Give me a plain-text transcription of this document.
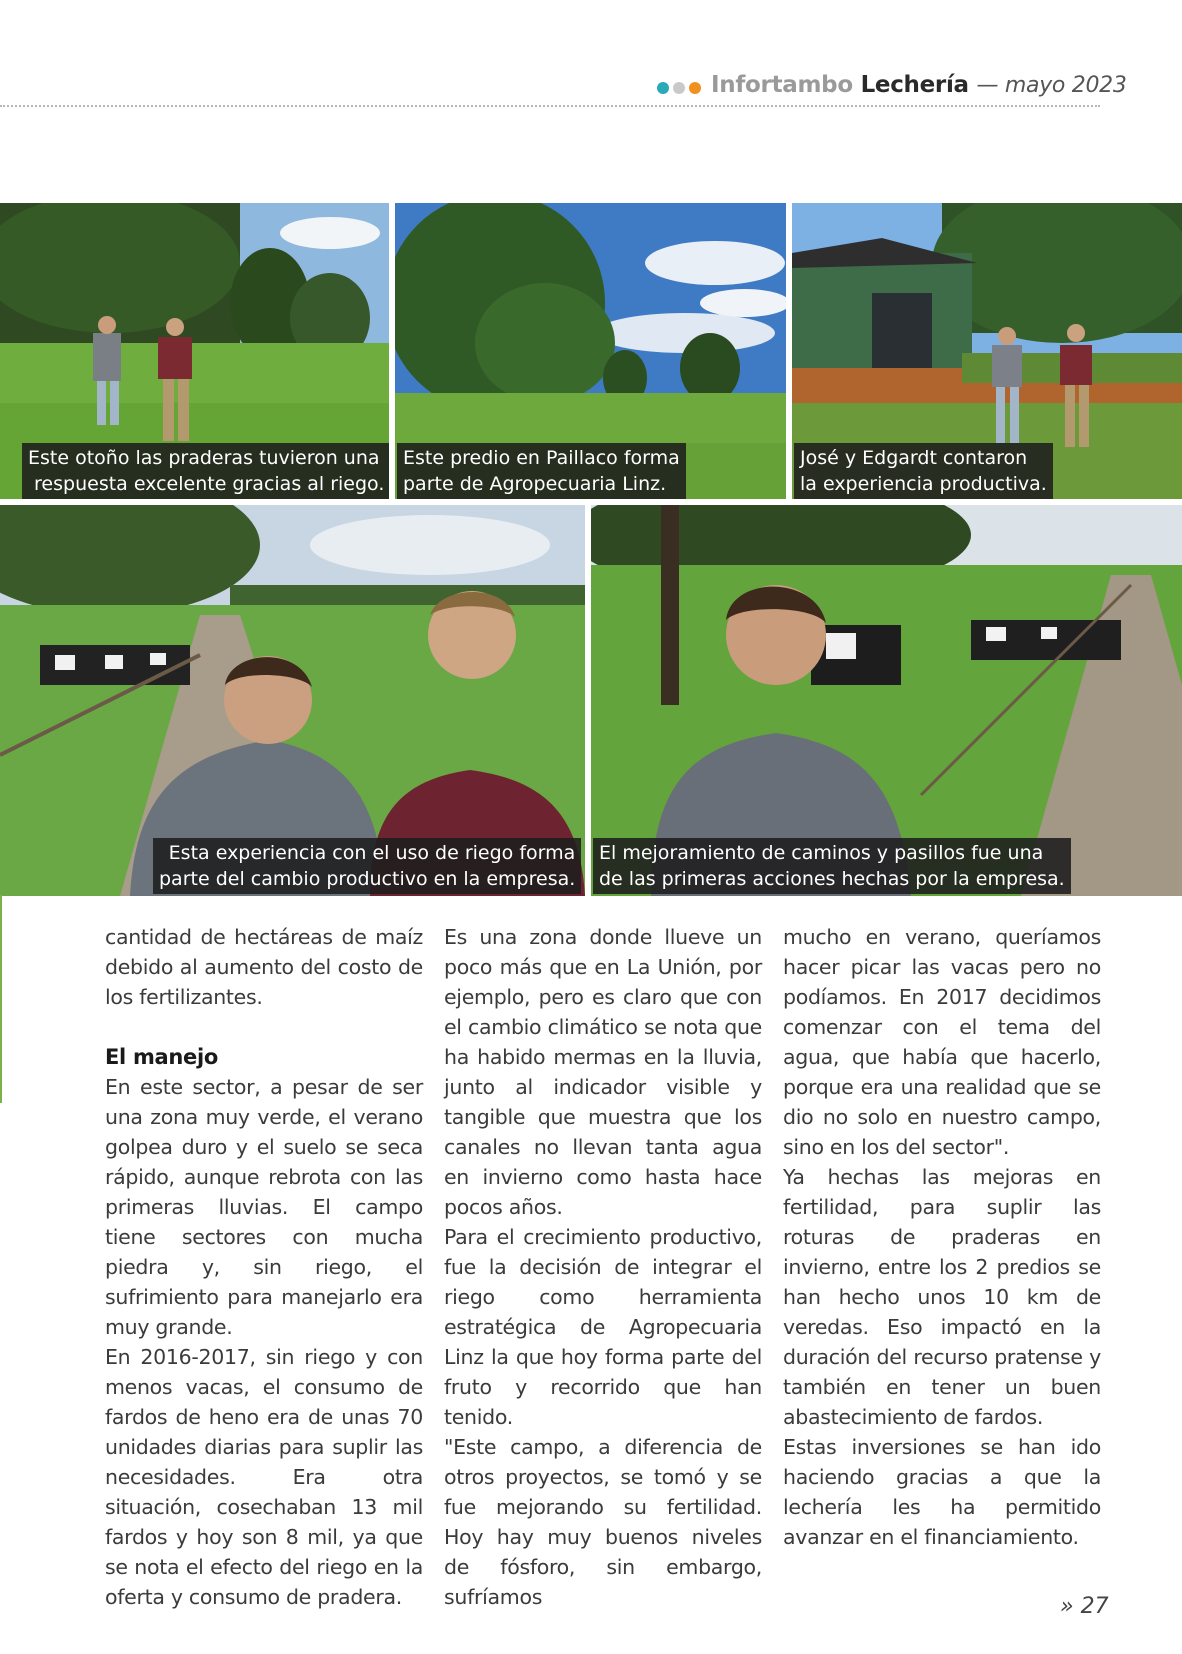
Infortambo Lechería — mayo 2023
Este otoño las praderas tuvieron una
respuesta excelente gracias al riego.
Este predio en Paillaco forma
parte de Agropecuaria Linz.
José y Edgardt contaron
la experiencia productiva.
Esta experiencia con el uso de riego forma
parte del cambio productivo en la empresa.
El mejoramiento de caminos y pasillos fue una
de las primeras acciones hechas por la empresa.

cantidad de hectáreas de maíz debido al aumento del costo de los fertilizantes.

El manejo

En este sector, a pesar de ser una zona muy verde, el verano golpea duro y el suelo se seca rápido, aunque rebrota con las primeras lluvias. El campo tiene sectores con mucha piedra y, sin riego, el sufrimiento para manejarlo era muy grande.

En 2016-2017, sin riego y con menos vacas, el consumo de fardos de heno era de unas 70 unidades diarias para suplir las necesidades. Era otra situación, cosechaban 13 mil fardos y hoy son 8 mil, ya que se nota el efecto del riego en la oferta y consumo de pradera.

Es una zona donde llueve un poco más que en La Unión, por ejemplo, pero es claro que con el cambio climático se nota que ha habido mermas en la lluvia, junto al indicador visible y tangible que muestra que los canales no llevan tanta agua en invierno como hasta hace pocos años.

Para el crecimiento productivo, fue la decisión de integrar el riego como herramienta estratégica de Agropecuaria Linz la que hoy forma parte del fruto y recorrido que han tenido.

"Este campo, a diferencia de otros proyectos, se tomó y se fue mejorando su fertilidad. Hoy hay muy buenos niveles de fósforo, sin embargo, sufríamos

mucho en verano, queríamos hacer picar las vacas pero no podíamos. En 2017 decidimos comenzar con el tema del agua, que había que hacerlo, porque era una realidad que se dio no solo en nuestro campo, sino en los del sector".

Ya hechas las mejoras en fertilidad, para suplir las roturas de praderas en invierno, entre los 2 predios se han hecho unos 10 km de veredas. Eso impactó en la duración del recurso pratense y también en tener un buen abastecimiento de fardos.

Estas inversiones se han ido haciendo gracias a que la lechería les ha permitido avanzar en el financiamiento.

» 27
